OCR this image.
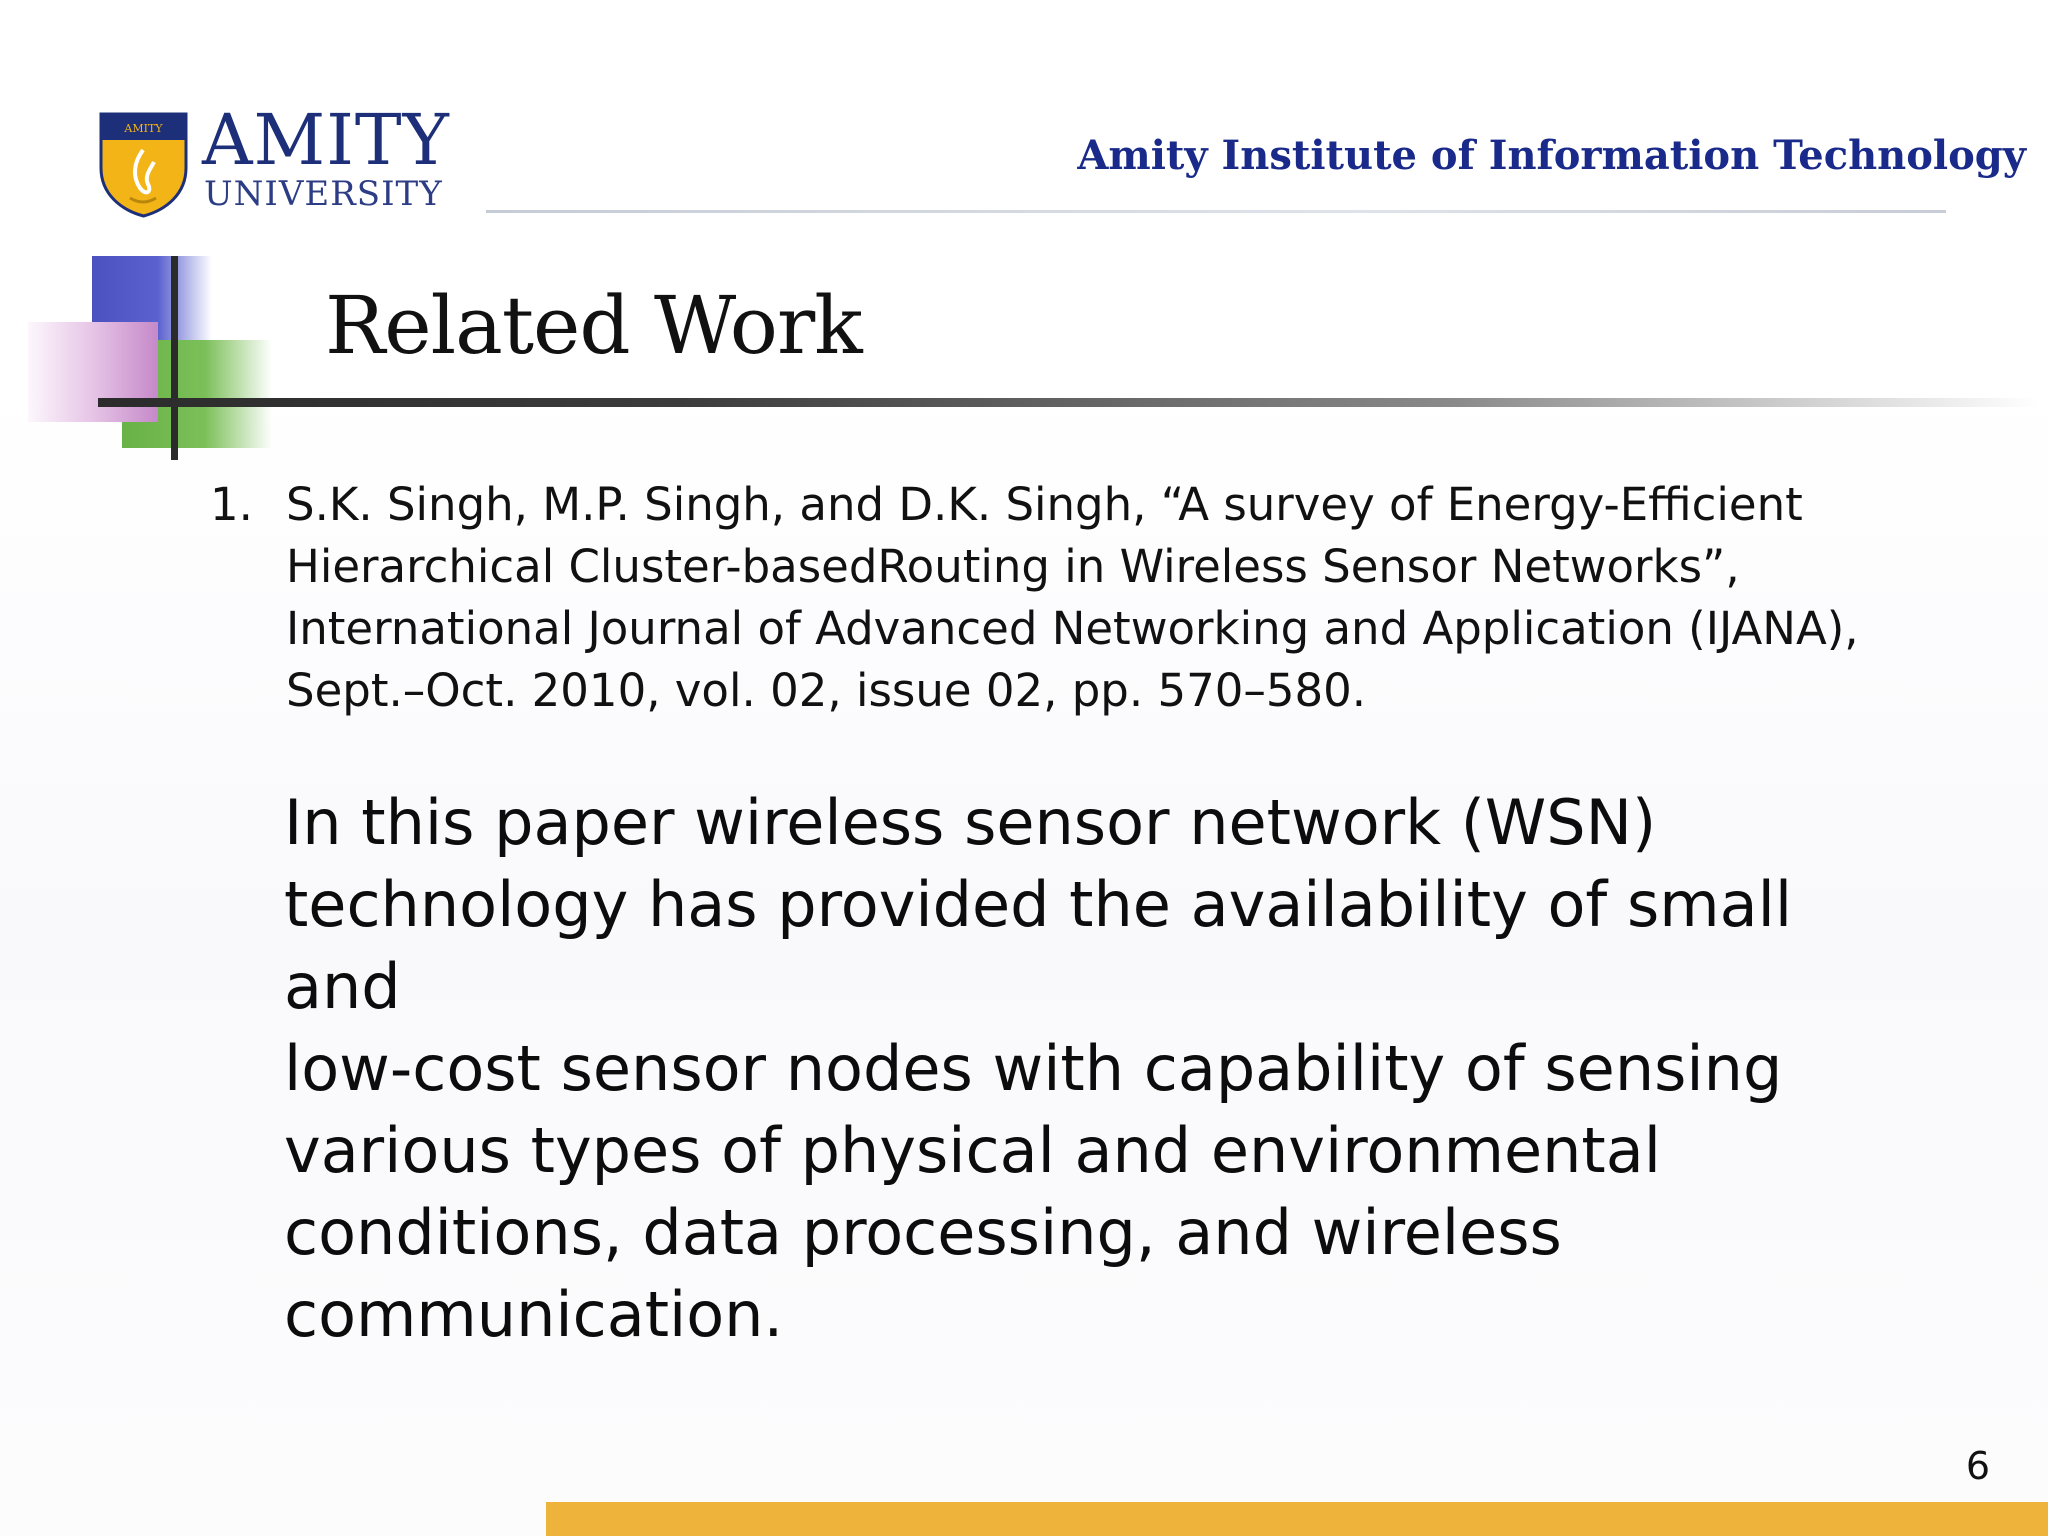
AMITY AMITY
UNIVERSITY
Amity Institute of Information Technology
Related Work
1. S.K. Singh, M.P. Singh, and D.K. Singh, “A survey of Energy-Efficient
Hierarchical Cluster-basedRouting in Wireless Sensor Networks”,
International Journal of Advanced Networking and Application (IJANA),
Sept.–Oct. 2010, vol. 02, issue 02, pp. 570–580.
In this paper wireless sensor network (WSN)
technology has provided the availability of small and
low-cost sensor nodes with capability of sensing
various types of physical and environmental
conditions, data processing, and wireless
communication.
6
